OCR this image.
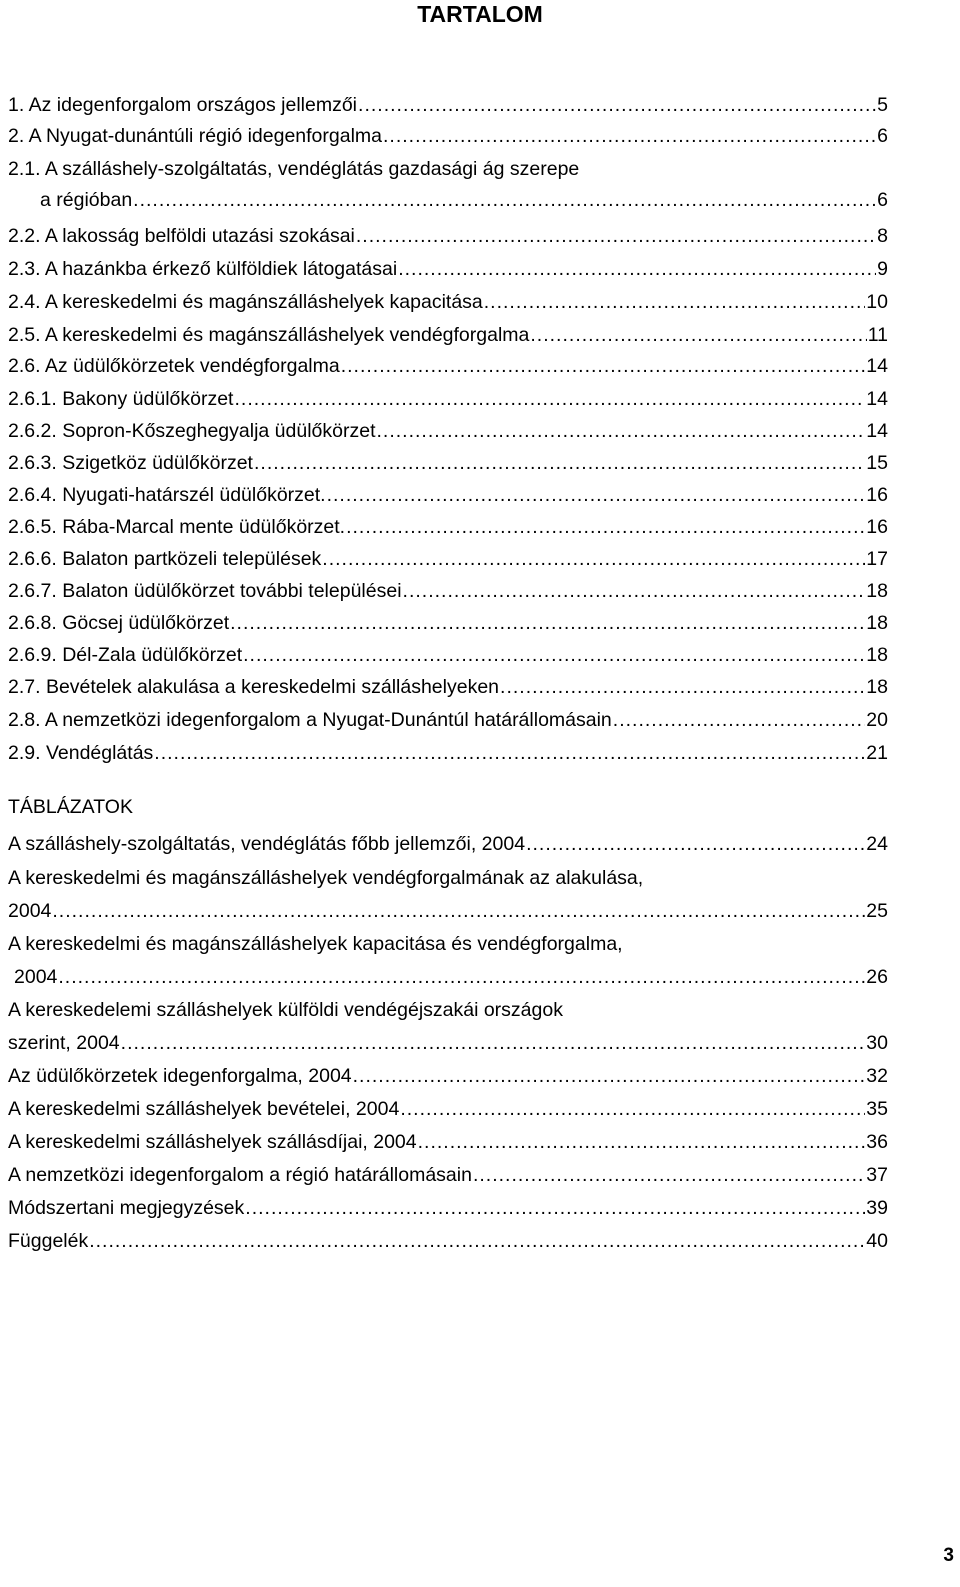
TARTALOM
1. Az idegenforgalom országos jellemzői .....	5
2. A Nyugat-dunántúli régió idegenforgalma .....	6
2.1. A szálláshely-szolgáltatás, vendéglátás gazdasági ág szerepe
a régióban .....	6
2.2. A lakosság belföldi utazási szokásai .....	8
2.3. A hazánkba érkező külföldiek látogatásai .....	9
2.4. A kereskedelmi és magánszálláshelyek kapacitása .....	10
2.5. A kereskedelmi és magánszálláshelyek vendégforgalma .....	11
2.6. Az üdülőkörzetek vendégforgalma .....	14
2.6.1. Bakony üdülőkörzet .....	14
2.6.2. Sopron-Kőszeghegyalja üdülőkörzet .....	14
2.6.3. Szigetköz üdülőkörzet .....	15
2.6.4. Nyugati-határszél üdülőkörzet. .....	16
2.6.5. Rába-Marcal mente üdülőkörzet. .....	16
2.6.6. Balaton partközeli települések .....	17
2.6.7. Balaton üdülőkörzet további települései .....	18
2.6.8. Göcsej üdülőkörzet .....	18
2.6.9. Dél-Zala üdülőkörzet .....	18
2.7. Bevételek alakulása a kereskedelmi szálláshelyeken .....	18
2.8. A nemzetközi idegenforgalom a Nyugat-Dunántúl határállomásain .....	20
2.9. Vendéglátás .....	21
TÁBLÁZATOK
A szálláshely-szolgáltatás, vendéglátás főbb jellemzői, 2004 .....	24
A kereskedelmi és magánszálláshelyek vendégforgalmának az alakulása,
2004 .....	25
A kereskedelmi és magánszálláshelyek kapacitása és vendégforgalma,
2004 .....	26
A kereskedelemi szálláshelyek külföldi vendégéjszakái országok
szerint, 2004 .....	30
Az üdülőkörzetek idegenforgalma, 2004 .....	32
A kereskedelmi szálláshelyek bevételei, 2004 .....	35
A kereskedelmi szálláshelyek szállásdíjai, 2004 .....	36
A nemzetközi idegenforgalom a régió határállomásain .....	37
Módszertani megjegyzések .....	39
Függelék .....	40
3
